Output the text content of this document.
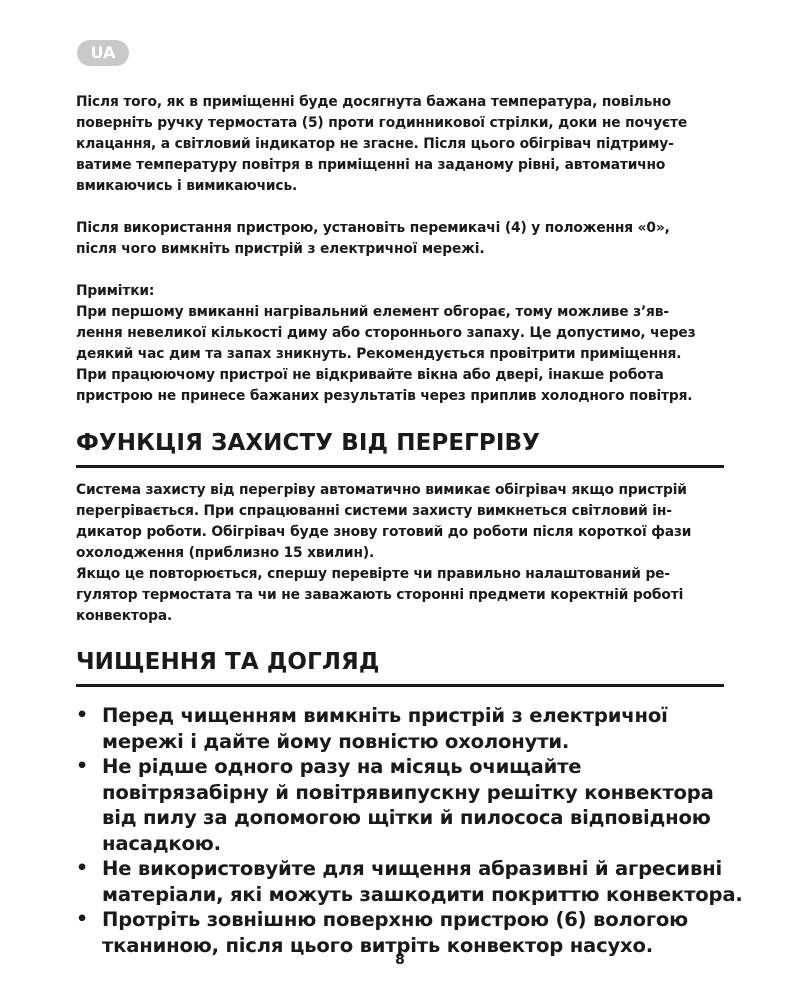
UA

Після того, як в приміщенні буде досягнута бажана температура, повільно
поверніть ручку термостата (5) проти годинникової стрілки, доки не почуєте
клацання, а світловий індикатор не згасне. Після цього обігрівач підтриму-
ватиме температуру повітря в приміщенні на заданому рівні, автоматично
вмикаючись і вимикаючись.

Після використання пристрою, установіть перемикачі (4) у положення «0»,
після чого вимкніть пристрій з електричної мережі.

Примітки:
При першому вмиканні нагрівальний елемент обгорає, тому можливе з’яв-
лення невеликої кількості диму або стороннього запаху. Це допустимо, через
деякий час дим та запах зникнуть. Рекомендується провітрити приміщення.
При працюючому пристрої не відкривайте вікна або двері, інакше робота
пристрою не принесе бажаних результатів через приплив холодного повітря.

ФУНКЦІЯ ЗАХИСТУ ВІД ПЕРЕГРІВУ

Система захисту від перегріву автоматично вимикає обігрівач якщо пристрій
перегрівається. При спрацюванні системи захисту вимкнеться світловий ін-
дикатор роботи. Обігрівач буде знову готовий до роботи після короткої фази
охолодження (приблизно 15 хвилин).
Якщо це повторюється, спершу перевірте чи правильно налаштований ре-
гулятор термостата та чи не заважають сторонні предмети коректній роботі
конвектора.

ЧИЩЕННЯ ТА ДОГЛЯД
• Перед чищенням вимкніть пристрій з електричної
мережі і дайте йому повністю охолонути.
• Не рідше одного разу на місяць очищайте
повітрязабірну й повітрявипускну решітку конвектора
від пилу за допомогою щітки й пилососа відповідною
насадкою.
• Не використовуйте для чищення абразивні й агресивні
матеріали, які можуть зашкодити покриттю конвектора.
• Протріть зовнішню поверхню пристрою (6) вологою
тканиною, після цього витріть конвектор насухо.
8
